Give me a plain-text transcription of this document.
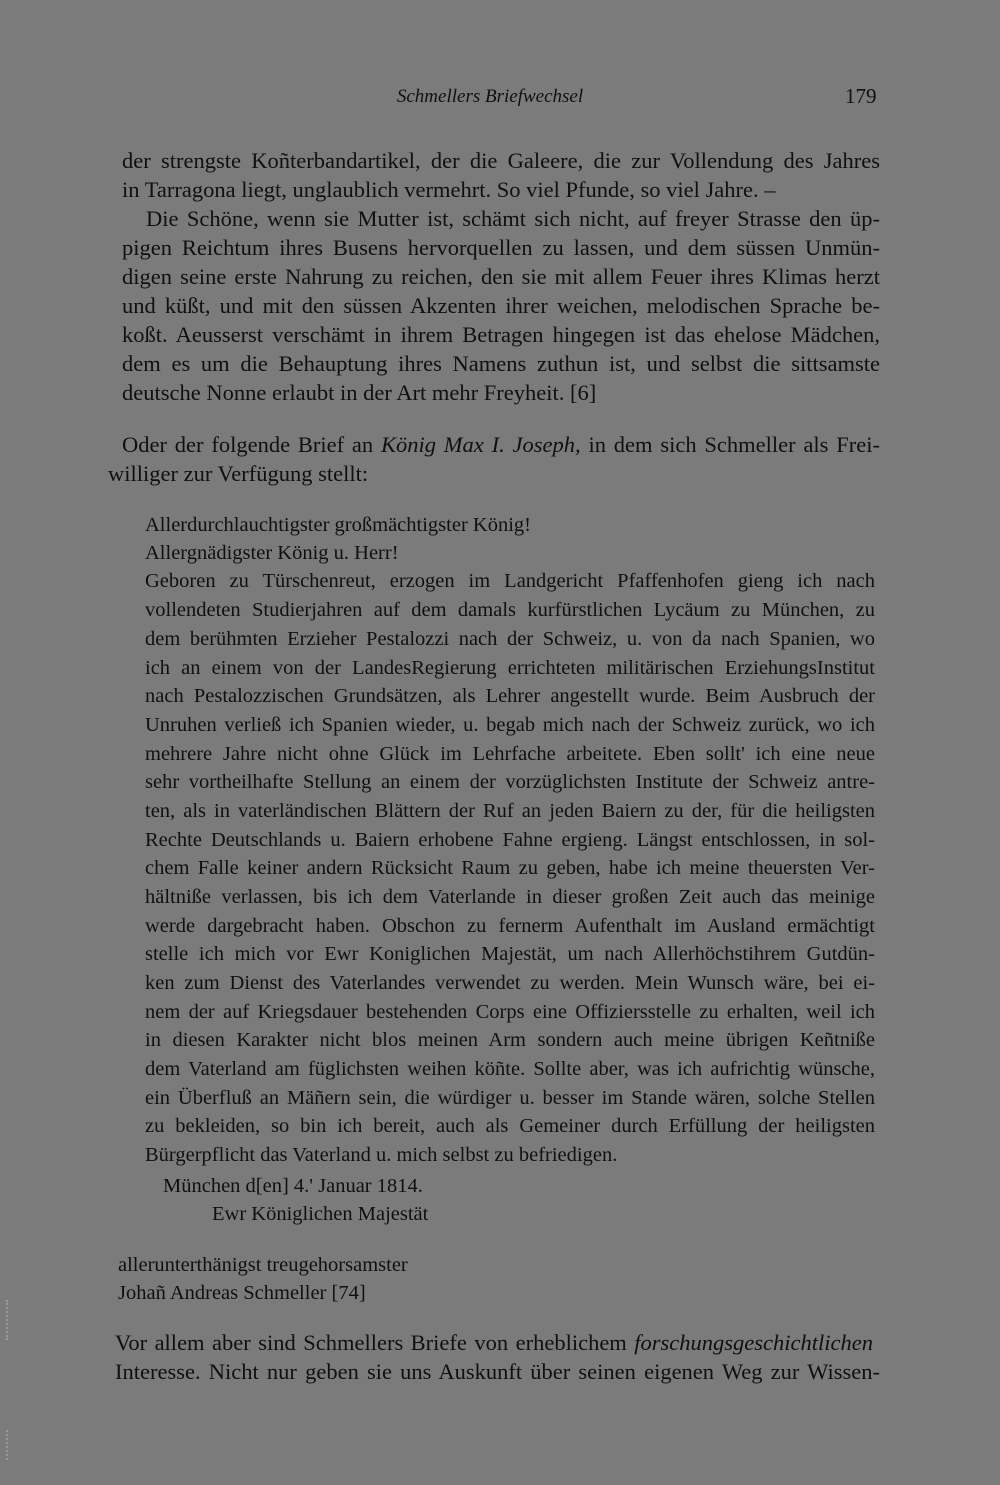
Schmellers Briefwechsel	179
der strengste Koñterbandartikel, der die Galeere, die zur Vollendung des Jahres
in Tarragona liegt, unglaublich vermehrt. So viel Pfunde, so viel Jahre. –
Die Schöne, wenn sie Mutter ist, schämt sich nicht, auf freyer Strasse den üp-
pigen Reichtum ihres Busens hervorquellen zu lassen, und dem süssen Unmün-
digen seine erste Nahrung zu reichen, den sie mit allem Feuer ihres Klimas herzt
und küßt, und mit den süssen Akzenten ihrer weichen, melodischen Sprache be-
koßt. Aeusserst verschämt in ihrem Betragen hingegen ist das ehelose Mädchen,
dem es um die Behauptung ihres Namens zuthun ist, und selbst die sittsamste
deutsche Nonne erlaubt in der Art mehr Freyheit. [6]
Oder der folgende Brief an König Max I. Joseph, in dem sich Schmeller als Frei-
williger zur Verfügung stellt:
Allerdurchlauchtigster großmächtigster König!
Allergnädigster König u. Herr!
Geboren zu Türschenreut, erzogen im Landgericht Pfaffenhofen gieng ich nach
vollendeten Studierjahren auf dem damals kurfürstlichen Lycäum zu München, zu
dem berühmten Erzieher Pestalozzi nach der Schweiz, u. von da nach Spanien, wo
ich an einem von der LandesRegierung errichteten militärischen ErziehungsInstitut
nach Pestalozzischen Grundsätzen, als Lehrer angestellt wurde. Beim Ausbruch der
Unruhen verließ ich Spanien wieder, u. begab mich nach der Schweiz zurück, wo ich
mehrere Jahre nicht ohne Glück im Lehrfache arbeitete. Eben sollt' ich eine neue
sehr vortheilhafte Stellung an einem der vorzüglichsten Institute der Schweiz antre-
ten, als in vaterländischen Blättern der Ruf an jeden Baiern zu der, für die heiligsten
Rechte Deutschlands u. Baiern erhobene Fahne ergieng. Längst entschlossen, in sol-
chem Falle keiner andern Rücksicht Raum zu geben, habe ich meine theuersten Ver-
hältniße verlassen, bis ich dem Vaterlande in dieser großen Zeit auch das meinige
werde dargebracht haben. Obschon zu fernerm Aufenthalt im Ausland ermächtigt
stelle ich mich vor Ewr Koniglichen Majestät, um nach Allerhöchstihrem Gutdün-
ken zum Dienst des Vaterlandes verwendet zu werden. Mein Wunsch wäre, bei ei-
nem der auf Kriegsdauer bestehenden Corps eine Offiziersstelle zu erhalten, weil ich
in diesen Karakter nicht blos meinen Arm sondern auch meine übrigen Keñtniße
dem Vaterland am füglichsten weihen köñte. Sollte aber, was ich aufrichtig wünsche,
ein Überfluß an Mäñern sein, die würdiger u. besser im Stande wären, solche Stellen
zu bekleiden, so bin ich bereit, auch als Gemeiner durch Erfüllung der heiligsten
Bürgerpflicht das Vaterland u. mich selbst zu befriedigen.
München d[en] 4.' Januar 1814.
Ewr Königlichen Majestät
allerunterthänigst treugehorsamster
Johañ Andreas Schmeller [74]
Vor allem aber sind Schmellers Briefe von erheblichem forschungsgeschichtlichen
Interesse. Nicht nur geben sie uns Auskunft über seinen eigenen Weg zur Wissen-
